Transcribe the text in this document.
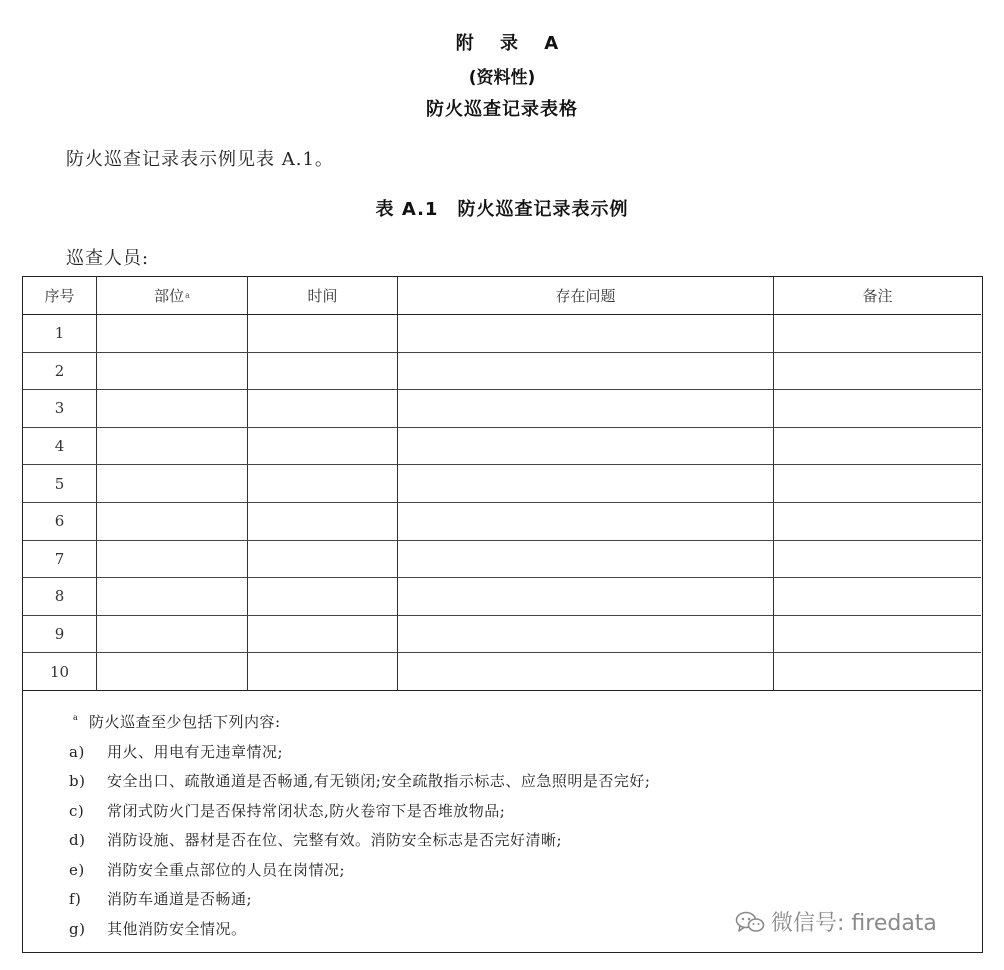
附 录 A
(资料性)
防火巡查记录表格
防火巡查记录表示例见表 A.1。
表 A.1　防火巡查记录表示例
巡查人员:
序号	部位 a	时间	存在问题	备注
1
2
3
4
5
6
7
8
9
10
a 防火巡查至少包括下列内容:
a) 用火、用电有无违章情况;
b) 安全出口、疏散通道是否畅通,有无锁闭;安全疏散指示标志、应急照明是否完好;
c) 常闭式防火门是否保持常闭状态,防火卷帘下是否堆放物品;
d) 消防设施、器材是否在位、完整有效。消防安全标志是否完好清晰;
e) 消防安全重点部位的人员在岗情况;
f) 消防车通道是否畅通;
g) 其他消防安全情况。	微信号: firedata
